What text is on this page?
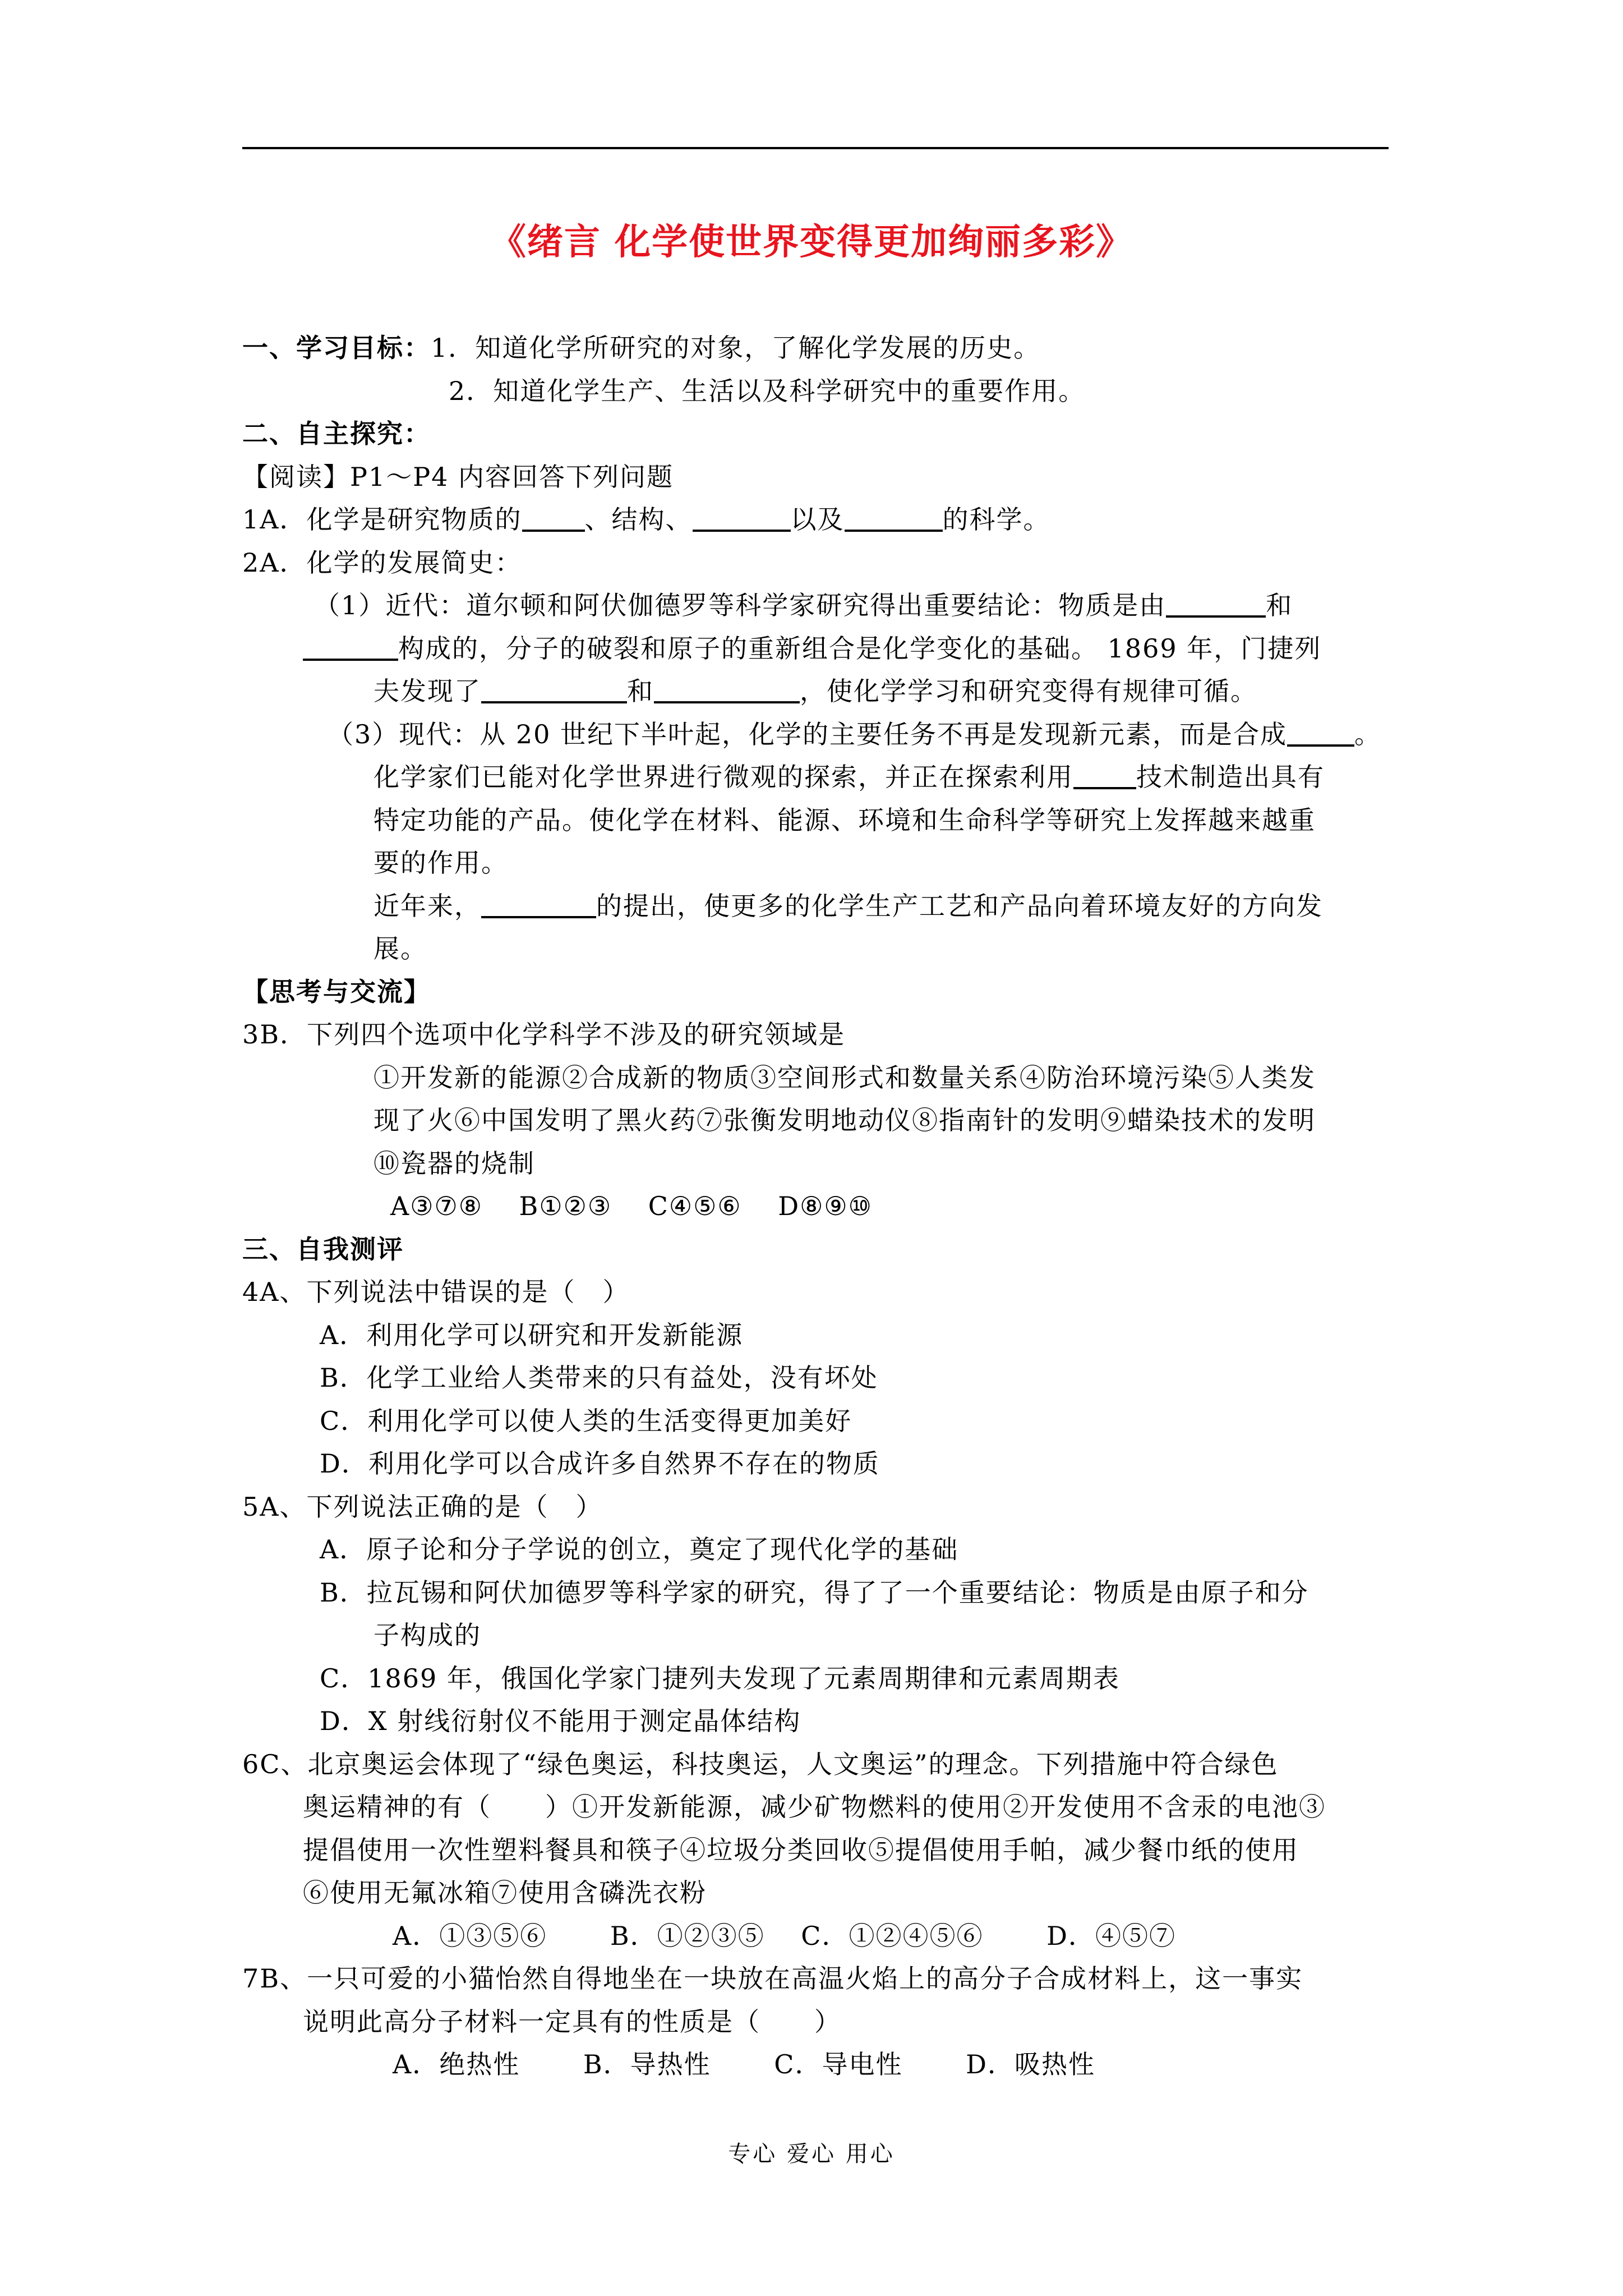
《绪言 化学使世界变得更加绚丽多彩》
一、学习目标：1．知道化学所研究的对象，了解化学发展的历史。
2．知道化学生产、生活以及科学研究中的重要作用。
二、自主探究：
【阅读】P1～P4 内容回答下列问题
1A．化学是研究物质的 、结构、	以及	的科学。
2A．化学的发展简史：
（1）近代：道尔顿和阿伏伽德罗等科学家研究得出重要结论：物质是由	和
构成的，分子的破裂和原子的重新组合是化学变化的基础。 1869 年，门捷列
夫发现了	和	，使化学学习和研究变得有规律可循。
（3）现代：从 20 世纪下半叶起，化学的主要任务不再是发现新元素，而是合成	。
化学家们已能对化学世界进行微观的探索，并正在探索利用 技术制造出具有
特定功能的产品。使化学在材料、能源、环境和生命科学等研究上发挥越来越重
要的作用。
近年来，	的提出，使更多的化学生产工艺和产品向着环境友好的方向发
展。
【思考与交流】
3B．下列四个选项中化学科学不涉及的研究领域是
①开发新的能源②合成新的物质③空间形式和数量关系④防治环境污染⑤人类发
现了火⑥中国发明了黑火药⑦张衡发明地动仪⑧指南针的发明⑨蜡染技术的发明
⑩瓷器的烧制
A③⑦⑧　 B①②③　 C④⑤⑥　 D⑧⑨⑩
三、自我测评
4A、下列说法中错误的是（　）
A．利用化学可以研究和开发新能源
B．化学工业给人类带来的只有益处，没有坏处
C．利用化学可以使人类的生活变得更加美好
D．利用化学可以合成许多自然界不存在的物质
5A、下列说法正确的是（　）
A．原子论和分子学说的创立，奠定了现代化学的基础
B．拉瓦锡和阿伏加德罗等科学家的研究，得了了一个重要结论：物质是由原子和分
子构成的
C．1869 年，俄国化学家门捷列夫发现了元素周期律和元素周期表
D．X 射线衍射仪不能用于测定晶体结构
6C、北京奥运会体现了“绿色奥运，科技奥运，人文奥运”的理念。下列措施中符合绿色
奥运精神的有（　　）①开发新能源，减少矿物燃料的使用②开发使用不含汞的电池③
提倡使用一次性塑料餐具和筷子④垃圾分类回收⑤提倡使用手帕，减少餐巾纸的使用
⑥使用无氟冰箱⑦使用含磷洗衣粉
A．①③⑤⑥　　 B．①②③⑤　 C．①②④⑤⑥　　 D．④⑤⑦
7B、一只可爱的小猫怡然自得地坐在一块放在高温火焰上的高分子合成材料上，这一事实
说明此高分子材料一定具有的性质是（　　）
A．绝热性　　 B．导热性　　 C．导电性　　 D．吸热性
专心 爱心 用心
